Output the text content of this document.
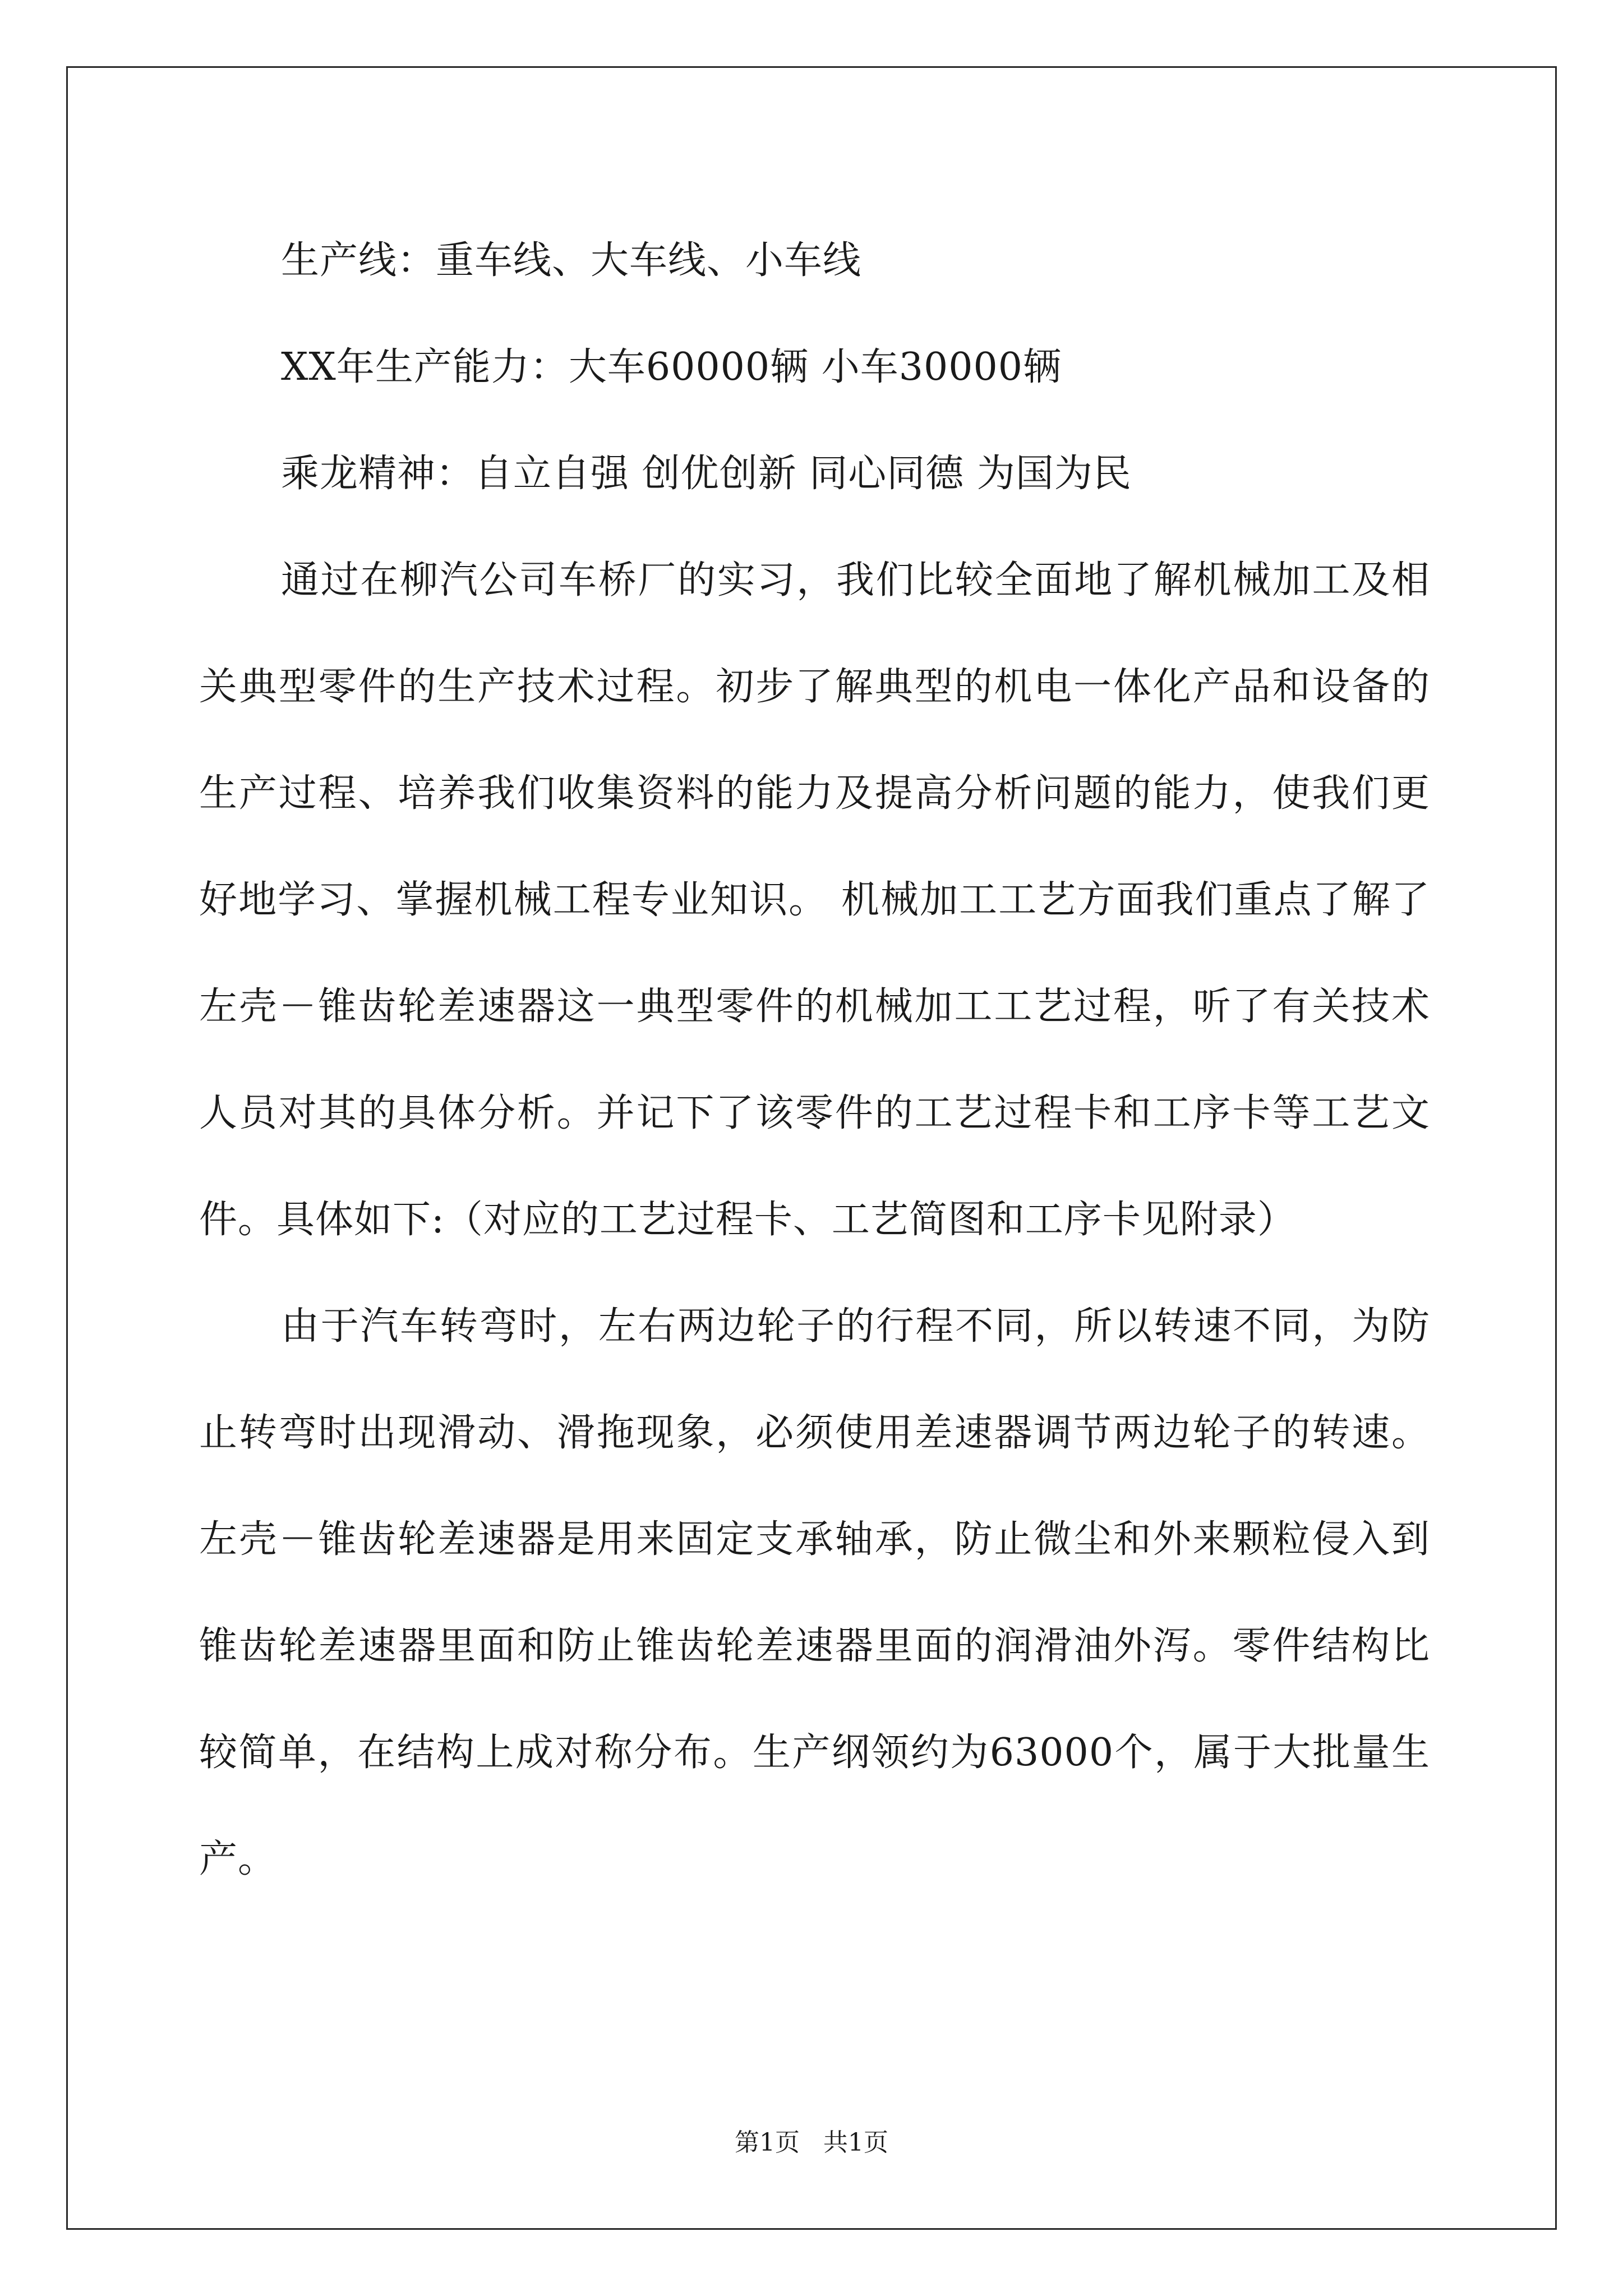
生产线：重车线、大车线、小车线

XX年生产能力：大车60000辆 小车30000辆

乘龙精神：自立自强 创优创新 同心同德 为国为民

通过在柳汽公司车桥厂的实习，我们比较全面地了解机械加工及相关典型零件的生产技术过程。初步了解典型的机电一体化产品和设备的生产过程、培养我们收集资料的能力及提高分析问题的能力，使我们更好地学习、掌握机械工程专业知识。 机械加工工艺方面我们重点了解了左壳－锥齿轮差速器这一典型零件的机械加工工艺过程，听了有关技术人员对其的具体分析。并记下了该零件的工艺过程卡和工序卡等工艺文件。具体如下:（对应的工艺过程卡、工艺简图和工序卡见附录）

由于汽车转弯时，左右两边轮子的行程不同，所以转速不同，为防止转弯时出现滑动、滑拖现象，必须使用差速器调节两边轮子的转速。左壳－锥齿轮差速器是用来固定支承轴承，防止微尘和外来颗粒侵入到锥齿轮差速器里面和防止锥齿轮差速器里面的润滑油外泻。零件结构比较简单，在结构上成对称分布。生产纲领约为63000个，属于大批量生产。

第1页   共1页
